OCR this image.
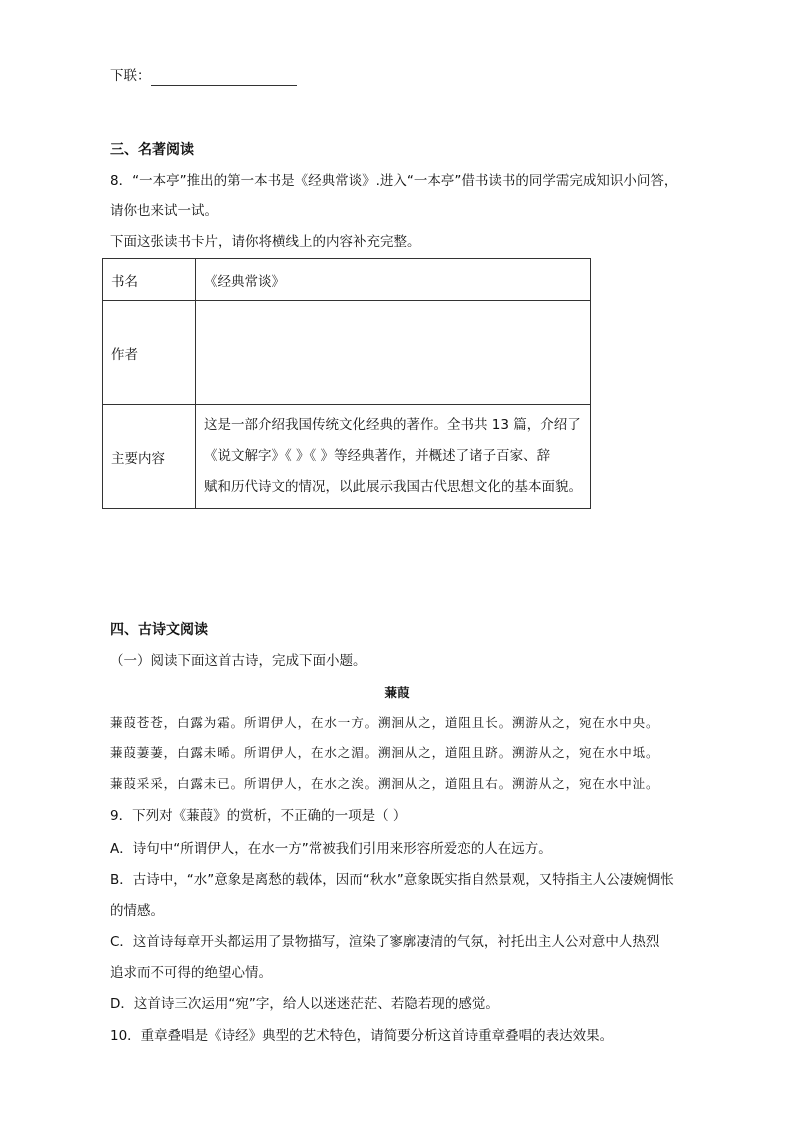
下联：
三、名著阅读
8．“一本亭”推出的第一本书是《经典常谈》.进入“一本亭”借书读书的同学需完成知识小问答，
请你也来试一试。
下面这张读书卡片，请你将横线上的内容补充完整。
书名	《经典常谈》
作者	
主要内容	这是一部介绍我国传统文化经典的著作。全书共 13 篇，介绍了
《说文解字》《 》《 》等经典著作，并概述了诸子百家、辞
赋和历代诗文的情况，以此展示我国古代思想文化的基本面貌。
四、古诗文阅读
（一）阅读下面这首古诗，完成下面小题。
蒹葭
蒹葭苍苍，白露为霜。所谓伊人，在水一方。溯洄从之，道阻且长。溯游从之，宛在水中央。
蒹葭萋萋，白露未晞。所谓伊人，在水之湄。溯洄从之，道阻且跻。溯游从之，宛在水中坻。
蒹葭采采，白露未已。所谓伊人，在水之涘。溯洄从之，道阻且右。溯游从之，宛在水中沚。
9．下列对《蒹葭》的赏析，不正确的一项是（ ）
A．诗句中“所谓伊人，在水一方”常被我们引用来形容所爱恋的人在远方。
B．古诗中，“水”意象是离愁的载体，因而“秋水”意象既实指自然景观，又特指主人公凄婉惆怅
的情感。
C．这首诗每章开头都运用了景物描写，渲染了寥廓凄清的气氛，衬托出主人公对意中人热烈
追求而不可得的绝望心情。
D．这首诗三次运用“宛”字，给人以迷迷茫茫、若隐若现的感觉。
10．重章叠唱是《诗经》典型的艺术特色，请简要分析这首诗重章叠唱的表达效果。
